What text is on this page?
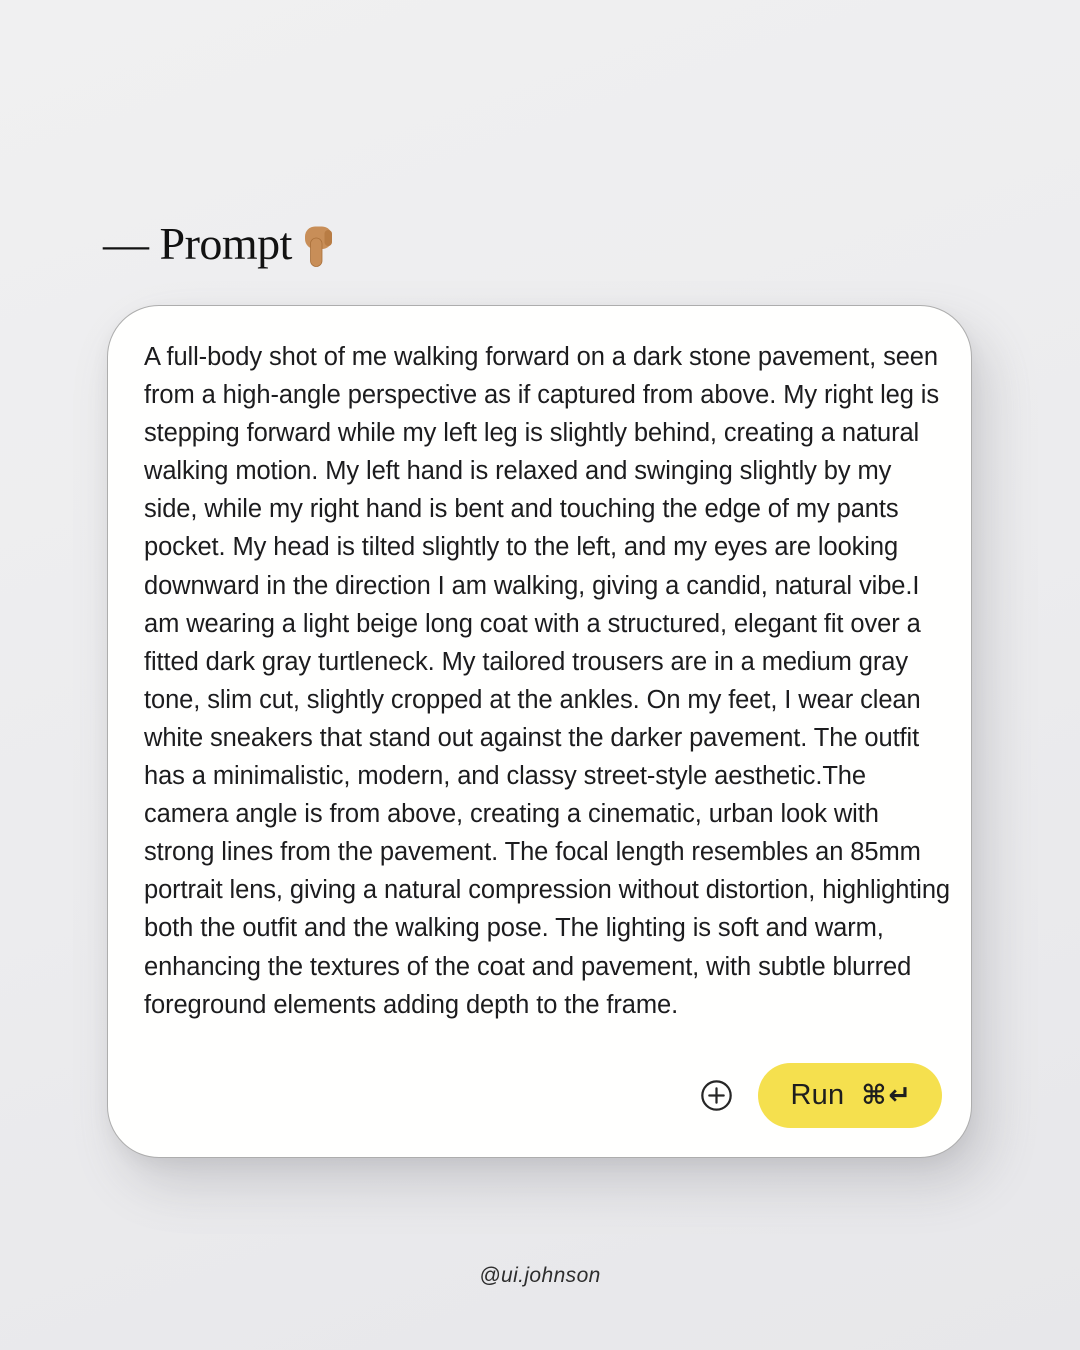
— Prompt
A full-body shot of me walking forward on a dark stone pavement, seen from a high-angle perspective as if captured from above. My right leg is stepping forward while my left leg is slightly behind, creating a natural walking motion. My left hand is relaxed and swinging slightly by my side, while my right hand is bent and touching the edge of my pants pocket. My head is tilted slightly to the left, and my eyes are looking downward in the direction I am walking, giving a candid, natural vibe.I am wearing a light beige long coat with a structured, elegant fit over a fitted dark gray turtleneck. My tailored trousers are in a medium gray tone, slim cut, slightly cropped at the ankles. On my feet, I wear clean white sneakers that stand out against the darker pavement. The outfit has a minimalistic, modern, and classy street-style aesthetic.The camera angle is from above, creating a cinematic, urban look with strong lines from the pavement. The focal length resembles an 85mm portrait lens, giving a natural compression without distortion, highlighting both the outfit and the walking pose. The lighting is soft and warm, enhancing the textures of the coat and pavement, with subtle blurred foreground elements adding depth to the frame.
Run ⌘ ↵
@ui.johnson
